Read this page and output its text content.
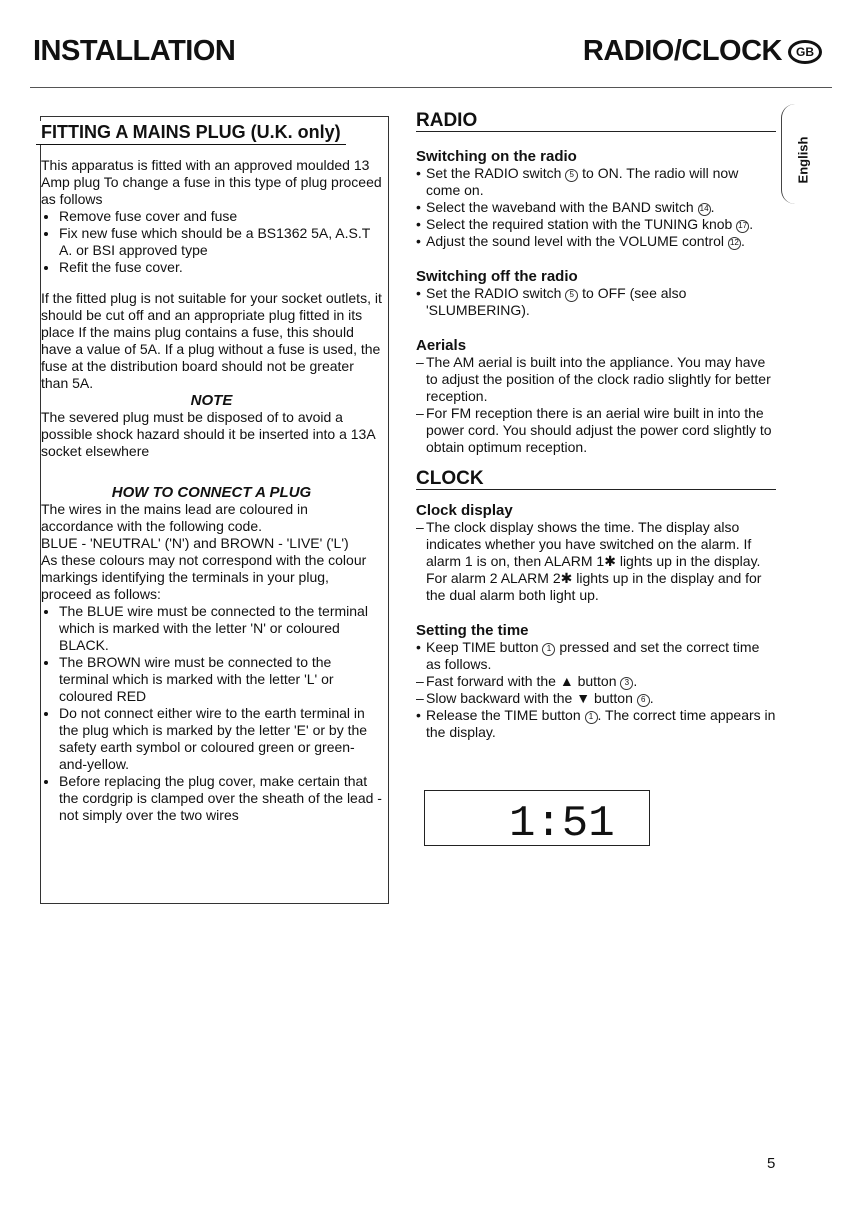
INSTALLATION	RADIO/CLOCK	GB
English
FITTING A MAINS PLUG (U.K. only)

This apparatus is fitted with an approved moulded 13 Amp plug To change a fuse in this type of plug proceed as follows

• Remove fuse cover and fuse
• Fix new fuse which should be a BS1362 5A, A.S.T A. or BSI approved type
• Refit the fuse cover.

If the fitted plug is not suitable for your socket outlets, it should be cut off and an appropriate plug fitted in its place If the mains plug contains a fuse, this should have a value of 5A. If a plug without a fuse is used, the fuse at the distribution board should not be greater than 5A.

NOTE

The severed plug must be disposed of to avoid a possible shock hazard should it be inserted into a 13A socket elsewhere

HOW TO CONNECT A PLUG

The wires in the mains lead are coloured in accordance with the following code.

BLUE - 'NEUTRAL' ('N') and BROWN - 'LIVE' ('L')

As these colours may not correspond with the colour markings identifying the terminals in your plug, proceed as follows:

• The BLUE wire must be connected to the terminal which is marked with the letter 'N' or coloured BLACK.
• The BROWN wire must be connected to the terminal which is marked with the letter 'L' or coloured RED
• Do not connect either wire to the earth terminal in the plug which is marked by the letter 'E' or by the safety earth symbol or coloured green or green-and-yellow.
• Before replacing the plug cover, make certain that the cordgrip is clamped over the sheath of the lead - not simply over the two wires
RADIO

Switching on the radio

• Set the RADIO switch 5 to ON. The radio will now come on.
• Select the waveband with the BAND switch 14 .
• Select the required station with the TUNING knob 17 .
• Adjust the sound level with the VOLUME control 12 .

Switching off the radio

• Set the RADIO switch 5 to OFF (see also 'SLUMBERING).

Aerials

– The AM aerial is built into the appliance. You may have to adjust the position of the clock radio slightly for better reception.
– For FM reception there is an aerial wire built in into the power cord. You should adjust the power cord slightly to obtain optimum reception.
CLOCK

Clock display

– The clock display shows the time. The display also indicates whether you have switched on the alarm. If alarm 1 is on, then ALARM 1✱ lights up in the display. For alarm 2 ALARM 2✱ lights up in the display and for the dual alarm both light up.

Setting the time

• Keep TIME button 1 pressed and set the correct time as follows.
– Fast forward with the ▲ button 3 .
– Slow backward with the ▼ button 6 .
• Release the TIME button 1 . The correct time appears in the display.
1:51

5
